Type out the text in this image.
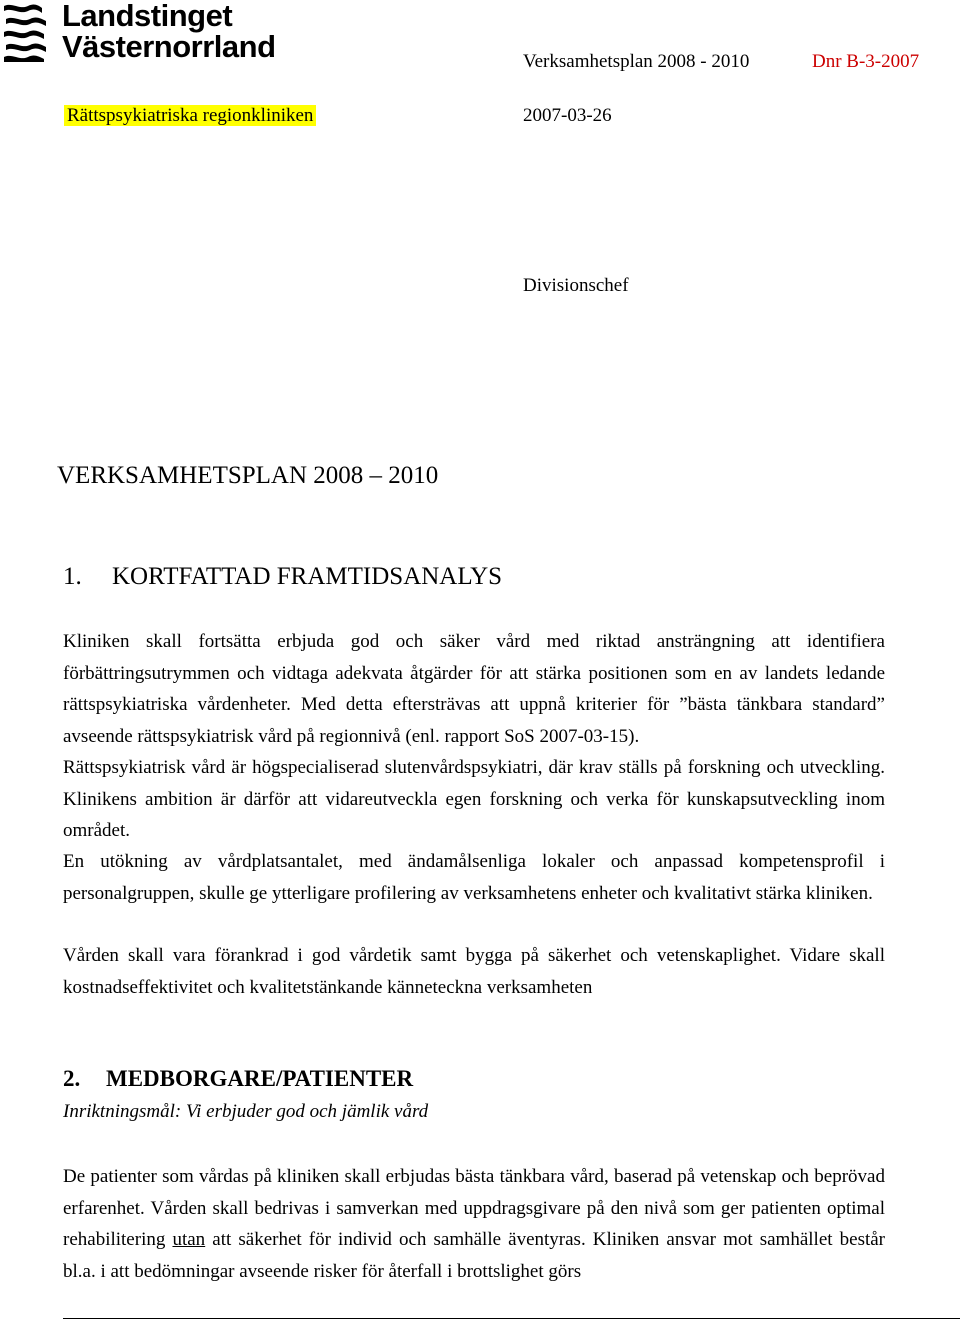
Landstinget
Västernorrland	Verksamhetsplan 2008 - 2010	Dnr B-3-2007
Rättspsykiatriska regionkliniken	2007-03-26
Divisionschef
VERKSAMHETSPLAN 2008 – 2010
1. KORTFATTAD FRAMTIDSANALYS

Kliniken skall fortsätta erbjuda god och säker vård med riktad ansträngning att identifiera förbättringsutrymmen och vidtaga adekvata åtgärder för att stärka positionen som en av landets ledande rättspsykiatriska vårdenheter. Med detta eftersträvas att uppnå kriterier för ”bästa tänkbara standard” avseende rättspsykiatrisk vård på regionnivå (enl. rapport SoS 2007-03-15).

Rättspsykiatrisk vård är högspecialiserad slutenvårdspsykiatri, där krav ställs på forskning och utveckling. Klinikens ambition är därför att vidareutveckla egen forskning och verka för kunskapsutveckling inom området.

En utökning av vårdplatsantalet, med ändamålsenliga lokaler och anpassad kompetensprofil i personalgruppen, skulle ge ytterligare profilering av verksamhetens enheter och kvalitativt stärka kliniken.

Vården skall vara förankrad i god vårdetik samt bygga på säkerhet och vetenskaplighet. Vidare skall kostnadseffektivitet och kvalitetstänkande känneteckna verksamheten

2. MEDBORGARE/PATIENTER
Inriktningsmål: Vi erbjuder god och jämlik vård

De patienter som vårdas på kliniken skall erbjudas bästa tänkbara vård, baserad på vetenskap och beprövad erfarenhet. Vården skall bedrivas i samverkan med uppdragsgivare på den nivå som ger patienten optimal rehabilitering utan att säkerhet för individ och samhälle äventyras. Kliniken ansvar mot samhället består bl.a. i att bedömningar avseende risker för återfall i brottslighet görs
